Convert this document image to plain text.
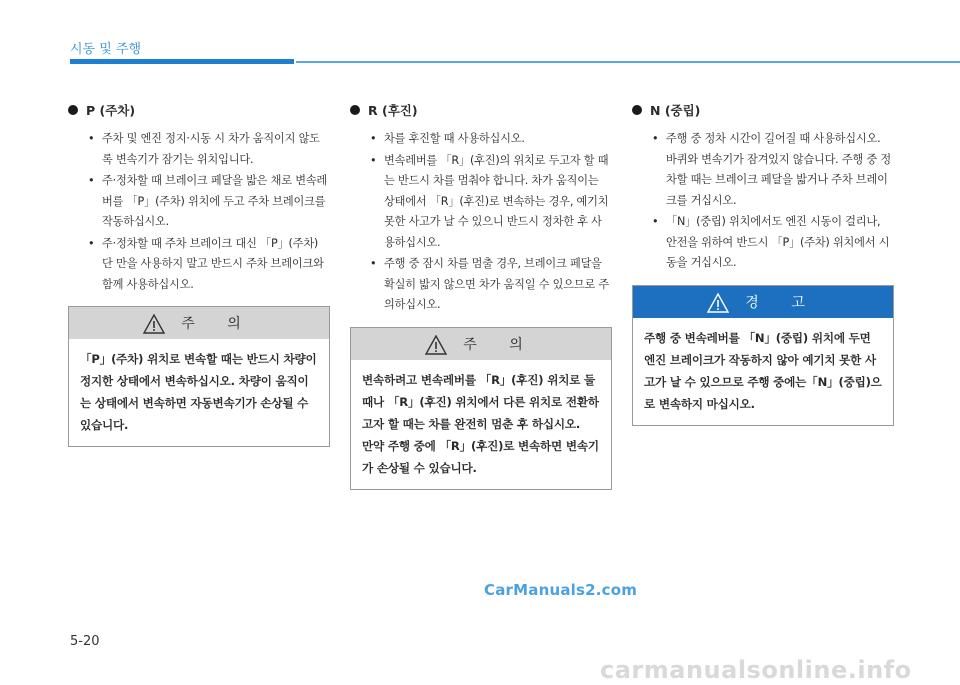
시동 및 주행
P (주차)
• 주차 및 엔진 정지·시동 시 차가 움직이지 않도록 변속기가 잠기는 위치입니다.
• 주·정차할 때 브레이크 페달을 밟은 채로 변속레버를 「P」(주차) 위치에 두고 주차 브레이크를 작동하십시오.
• 주·정차할 때 주차 브레이크 대신 「P」(주차) 단 만을 사용하지 말고 반드시 주차 브레이크와 함께 사용하십시오.
주 의

「P」(주차) 위치로 변속할 때는 반드시 차량이 정지한 상태에서 변속하십시오. 차량이 움직이는 상태에서 변속하면 자동변속기가 손상될 수 있습니다.

R (후진)
• 차를 후진할 때 사용하십시오.
• 변속레버를 「R」(후진)의 위치로 두고자 할 때는 반드시 차를 멈춰야 합니다. 차가 움직이는 상태에서 「R」(후진)로 변속하는 경우, 예기치 못한 사고가 날 수 있으니 반드시 정차한 후 사용하십시오.
• 주행 중 잠시 차를 멈출 경우, 브레이크 페달을 확실히 밟지 않으면 차가 움직일 수 있으므로 주의하십시오.
주 의

변속하려고 변속레버를 「R」(후진) 위치로 둘 때나 「R」(후진) 위치에서 다른 위치로 전환하고자 할 때는 차를 완전히 멈춘 후 하십시오.

만약 주행 중에 「R」(후진)로 변속하면 변속기가 손상될 수 있습니다.

N (중립)
• 주행 중 정차 시간이 길어질 때 사용하십시오. 바퀴와 변속기가 잠겨있지 않습니다. 주행 중 정차할 때는 브레이크 페달을 밟거나 주차 브레이크를 거십시오.
• 「N」(중립) 위치에서도 엔진 시동이 걸리나, 안전을 위하여 반드시 「P」(주차) 위치에서 시동을 거십시오.
경 고

주행 중 변속레버를 「N」(중립) 위치에 두면 엔진 브레이크가 작동하지 않아 예기치 못한 사고가 날 수 있으므로 주행 중에는「N」(중립)으로 변속하지 마십시오.

CarManuals2.com
5-20
carmanualsonline.info
